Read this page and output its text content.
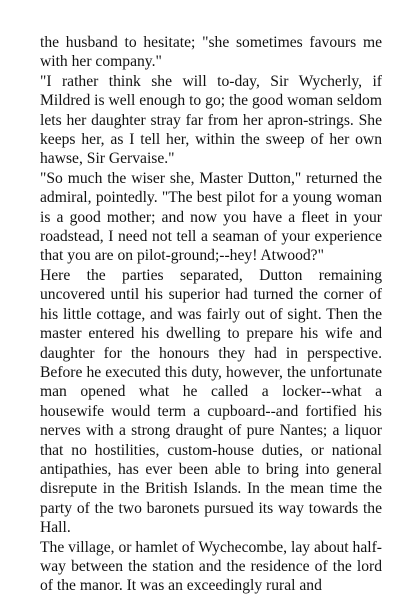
the husband to hesitate; "she sometimes favours me with her company."

"I rather think she will to-day, Sir Wycherly, if Mildred is well enough to go; the good woman seldom lets her daughter stray far from her apron-strings. She keeps her, as I tell her, within the sweep of her own hawse, Sir Gervaise."

"So much the wiser she, Master Dutton," returned the admiral, pointedly. "The best pilot for a young woman is a good mother; and now you have a fleet in your roadstead, I need not tell a seaman of your experience that you are on pilot-ground;--hey! Atwood?"

Here the parties separated, Dutton remaining uncovered until his superior had turned the corner of his little cottage, and was fairly out of sight. Then the master entered his dwelling to prepare his wife and daughter for the honours they had in perspective. Before he executed this duty, however, the unfortunate man opened what he called a locker--what a housewife would term a cupboard--and fortified his nerves with a strong draught of pure Nantes; a liquor that no hostilities, custom-house duties, or national antipathies, has ever been able to bring into general disrepute in the British Islands. In the mean time the party of the two baronets pursued its way towards the Hall.

The village, or hamlet of Wychecombe, lay about half-way between the station and the residence of the lord of the manor. It was an exceedingly rural and
